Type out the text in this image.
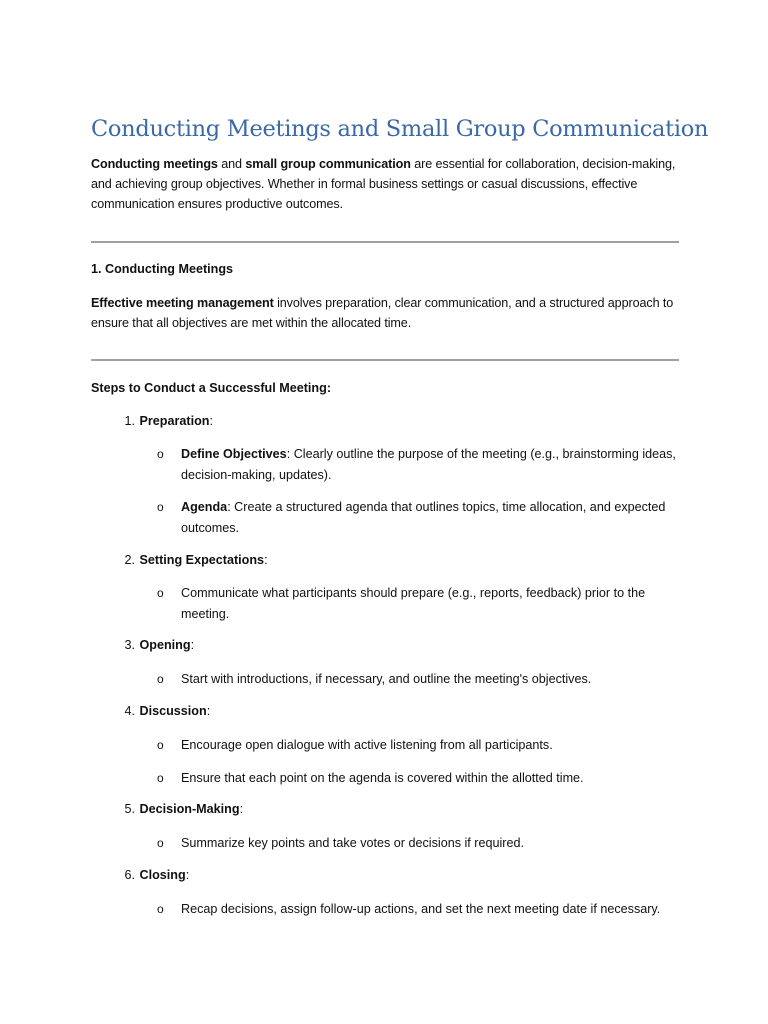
Conducting Meetings and Small Group Communication

Conducting meetings and small group communication are essential for collaboration, decision-making, and achieving group objectives. Whether in formal business settings or casual discussions, effective communication ensures productive outcomes.

1. Conducting Meetings

Effective meeting management involves preparation, clear communication, and a structured approach to ensure that all objectives are met within the allocated time.

Steps to Conduct a Successful Meeting:
1. Preparation:
o Define Objectives: Clearly outline the purpose of the meeting (e.g., brainstorming ideas, decision-making, updates).
o Agenda: Create a structured agenda that outlines topics, time allocation, and expected outcomes.
2. Setting Expectations:
o Communicate what participants should prepare (e.g., reports, feedback) prior to the meeting.
3. Opening:
o Start with introductions, if necessary, and outline the meeting's objectives.
4. Discussion:
o Encourage open dialogue with active listening from all participants.
o Ensure that each point on the agenda is covered within the allotted time.
5. Decision-Making:
o Summarize key points and take votes or decisions if required.
6. Closing:
o Recap decisions, assign follow-up actions, and set the next meeting date if necessary.
